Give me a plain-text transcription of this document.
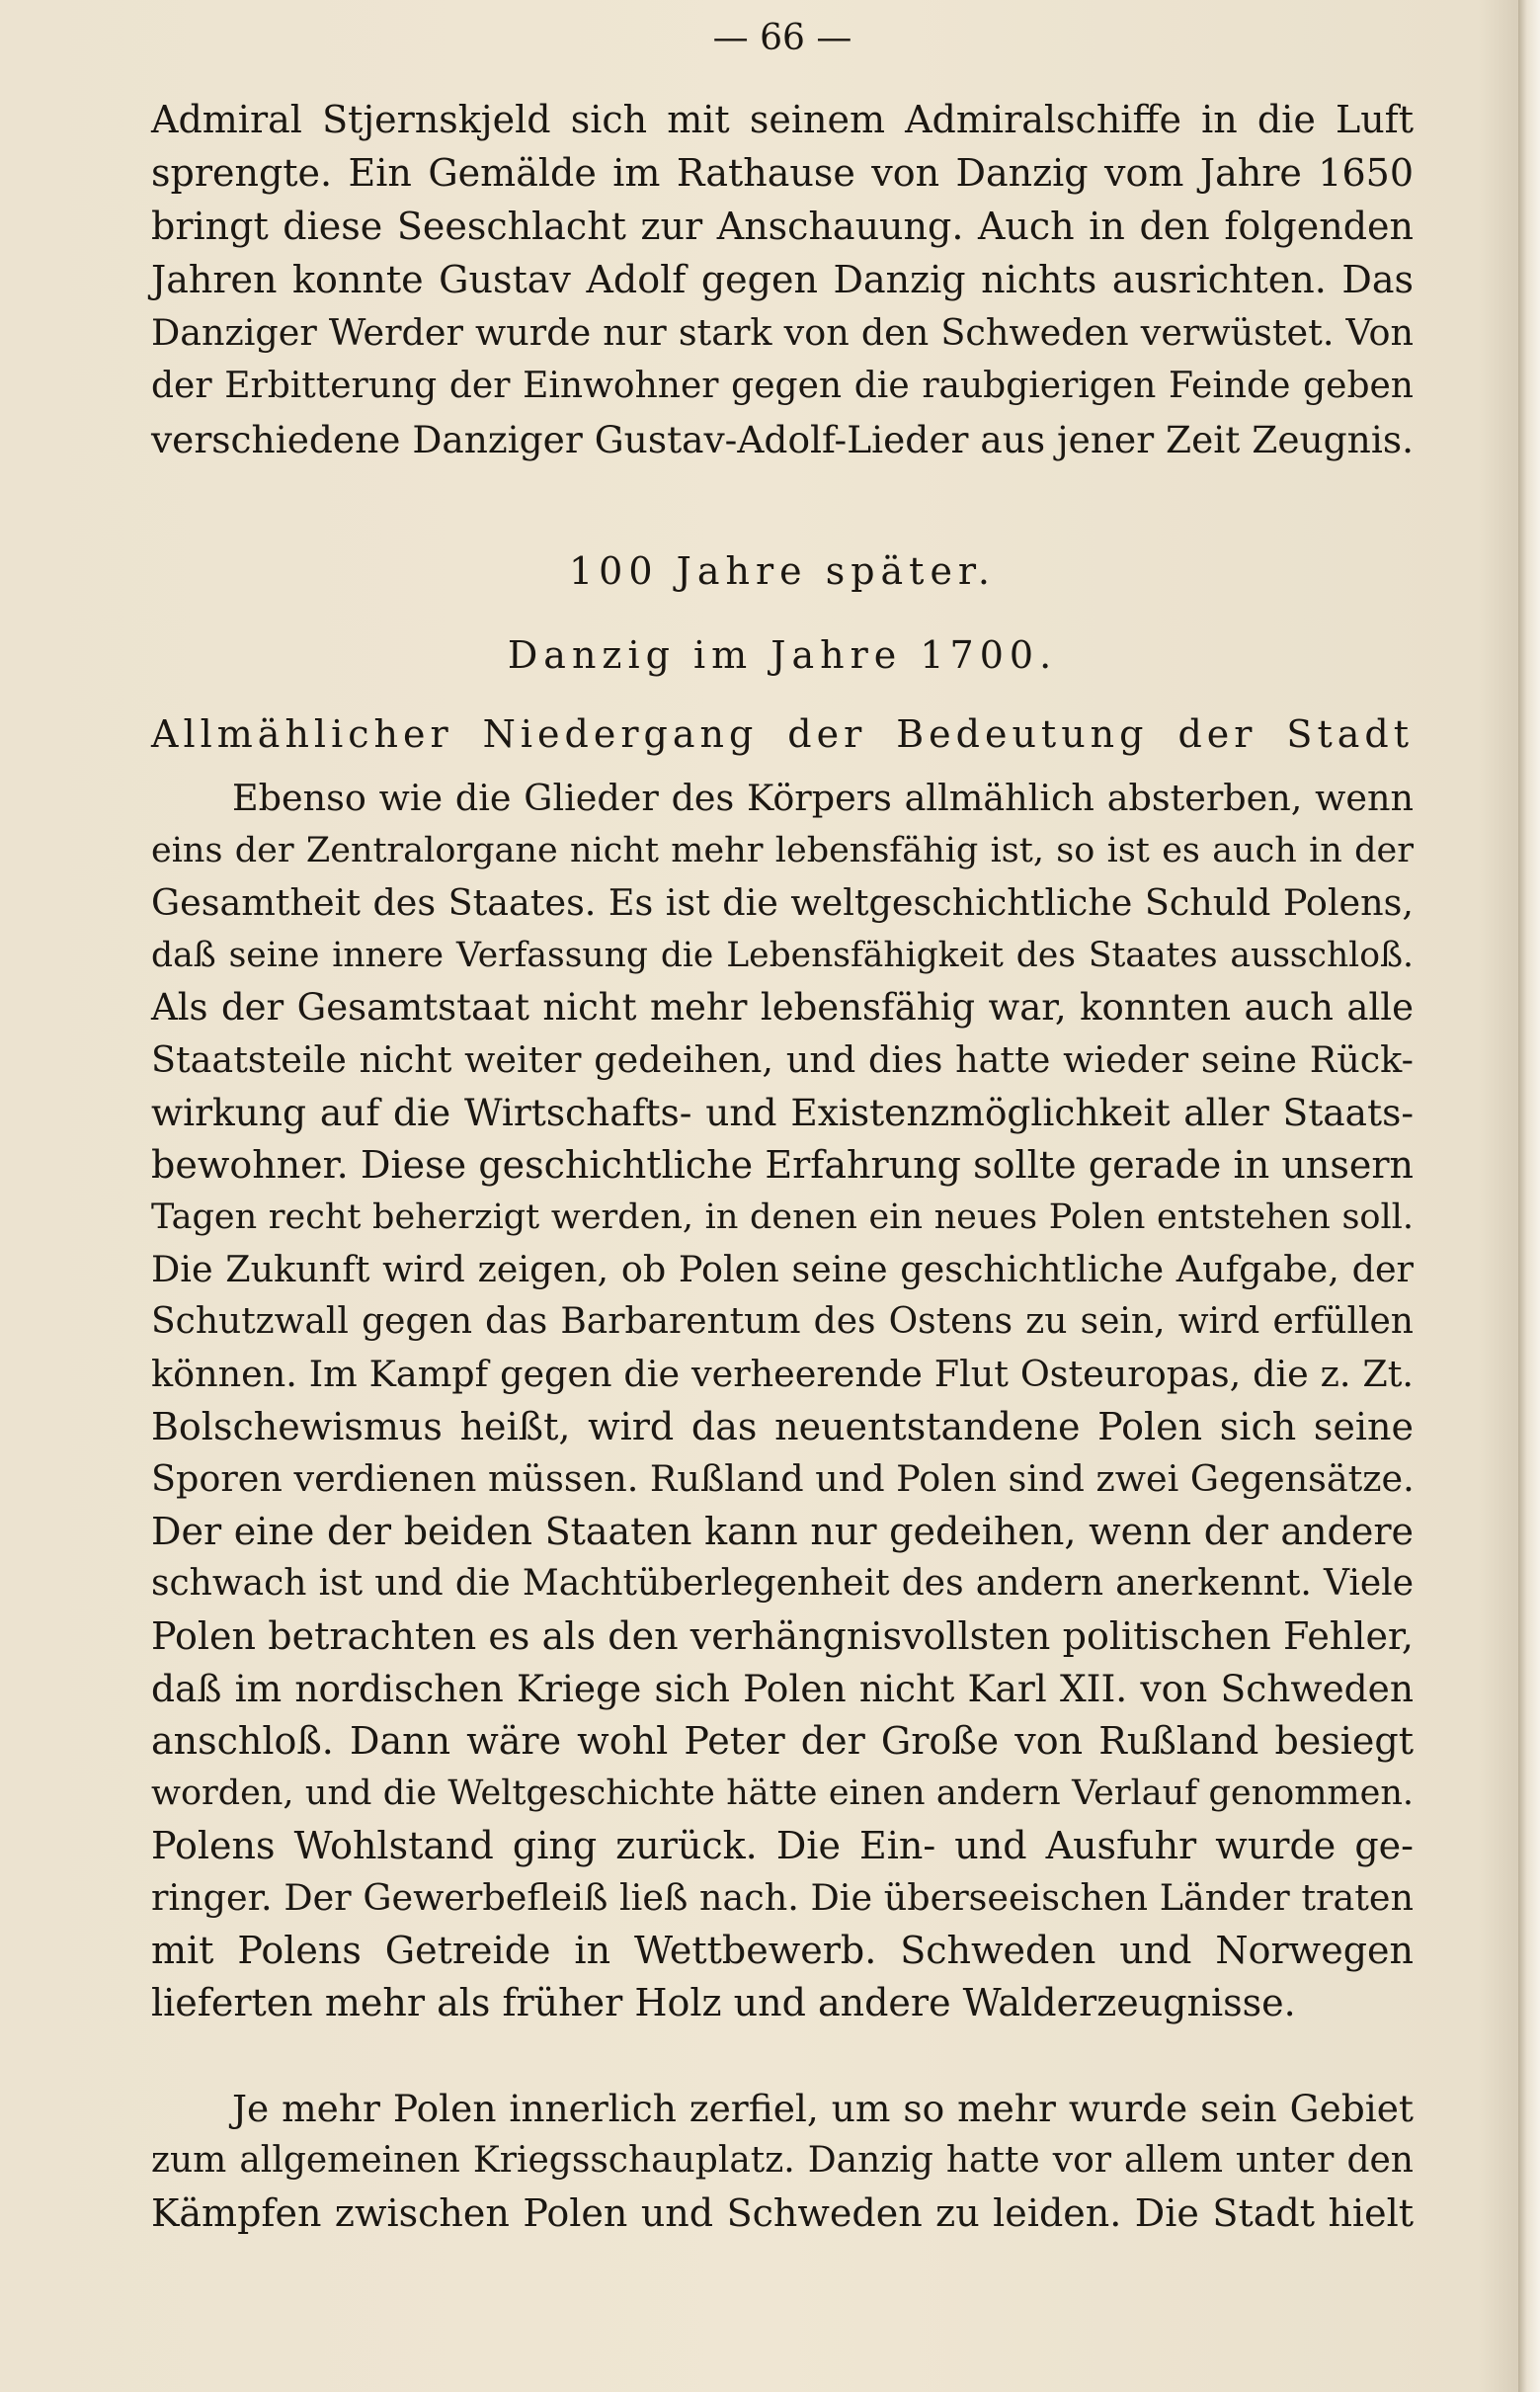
— 66 —
Admiral Stjernskjeld sich mit seinem Admiralschiffe in die Luft
sprengte. Ein Gemälde im Rathause von Danzig vom Jahre 1650
bringt diese Seeschlacht zur Anschauung. Auch in den folgenden
Jahren konnte Gustav Adolf gegen Danzig nichts ausrichten. Das
Danziger Werder wurde nur stark von den Schweden verwüstet. Von
der Erbitterung der Einwohner gegen die raubgierigen Feinde geben
verschiedene Danziger Gustav-Adolf-Lieder aus jener Zeit Zeugnis.
100 Jahre später.
Danzig im Jahre 1700.
Allmählicher Niedergang der Bedeutung der Stadt
Ebenso wie die Glieder des Körpers allmählich absterben, wenn
eins der Zentralorgane nicht mehr lebensfähig ist, so ist es auch in der
Gesamtheit des Staates. Es ist die weltgeschichtliche Schuld Polens,
daß seine innere Verfassung die Lebensfähigkeit des Staates ausschloß.
Als der Gesamtstaat nicht mehr lebensfähig war, konnten auch alle
Staatsteile nicht weiter gedeihen, und dies hatte wieder seine Rück-
wirkung auf die Wirtschafts- und Existenzmöglichkeit aller Staats-
bewohner. Diese geschichtliche Erfahrung sollte gerade in unsern
Tagen recht beherzigt werden, in denen ein neues Polen entstehen soll.
Die Zukunft wird zeigen, ob Polen seine geschichtliche Aufgabe, der
Schutzwall gegen das Barbarentum des Ostens zu sein, wird erfüllen
können. Im Kampf gegen die verheerende Flut Osteuropas, die z. Zt.
Bolschewismus heißt, wird das neuentstandene Polen sich seine
Sporen verdienen müssen. Rußland und Polen sind zwei Gegensätze.
Der eine der beiden Staaten kann nur gedeihen, wenn der andere
schwach ist und die Machtüberlegenheit des andern anerkennt. Viele
Polen betrachten es als den verhängnisvollsten politischen Fehler,
daß im nordischen Kriege sich Polen nicht Karl XII. von Schweden
anschloß. Dann wäre wohl Peter der Große von Rußland besiegt
worden, und die Weltgeschichte hätte einen andern Verlauf genommen.
Polens Wohlstand ging zurück. Die Ein- und Ausfuhr wurde ge-
ringer. Der Gewerbefleiß ließ nach. Die überseeischen Länder traten
mit Polens Getreide in Wettbewerb. Schweden und Norwegen
lieferten mehr als früher Holz und andere Walderzeugnisse.
Je mehr Polen innerlich zerfiel, um so mehr wurde sein Gebiet
zum allgemeinen Kriegsschauplatz. Danzig hatte vor allem unter den
Kämpfen zwischen Polen und Schweden zu leiden. Die Stadt hielt
